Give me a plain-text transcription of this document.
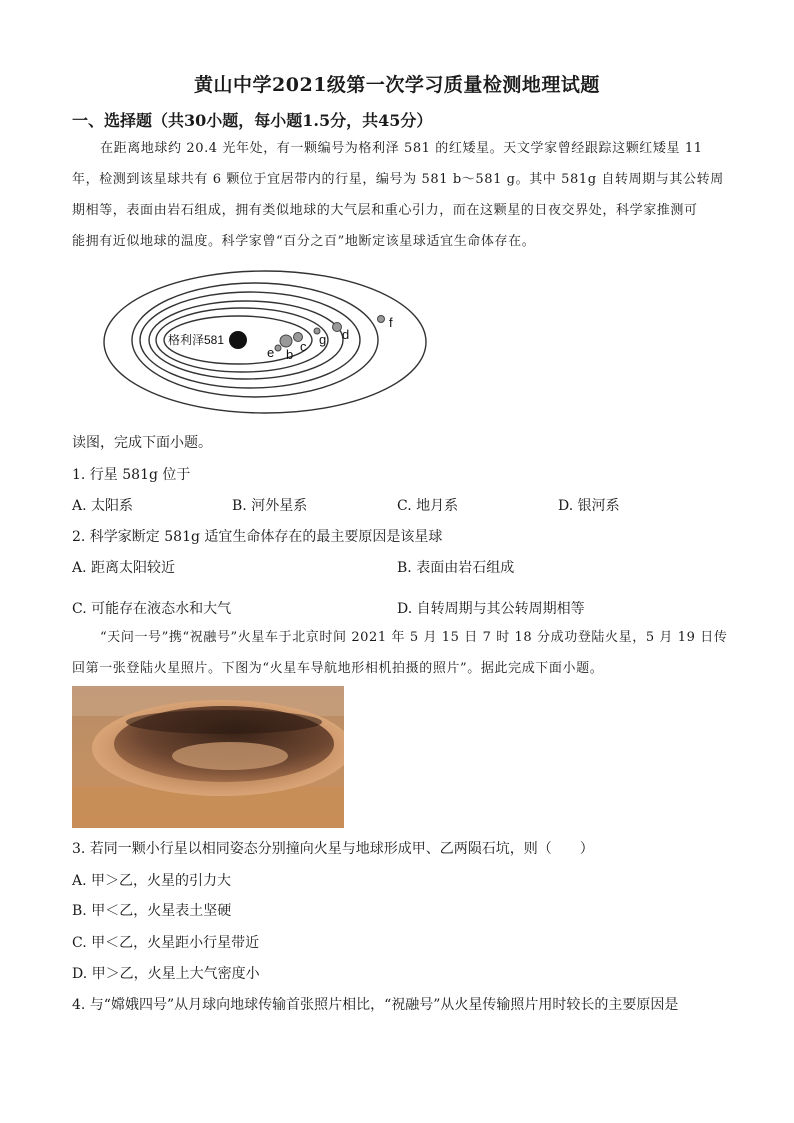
黄山中学2021级第一次学习质量检测地理试题
一、选择题（共30小题，每小题1.5分，共45分）
在距离地球约 20.4 光年处，有一颗编号为格利泽 581 的红矮星。天文学家曾经跟踪这颗红矮星 11
年，检测到该星球共有 6 颗位于宜居带内的行星，编号为 581 b～581 g。其中 581g 自转周期与其公转周
期相等，表面由岩石组成，拥有类似地球的大气层和重心引力，而在这颗星的日夜交界处，科学家推测可
能拥有近似地球的温度。科学家曾“百分之百”地断定该星球适宜生命体存在。
格利泽581
e b
c g d
f
读图，完成下面小题。
1. 行星 581g 位于
A. 太阳系	B. 河外星系	C. 地月系	D. 银河系
2. 科学家断定 581g 适宜生命体存在的最主要原因是该星球
A. 距离太阳较近	B. 表面由岩石组成
C. 可能存在液态水和大气	D. 自转周期与其公转周期相等
“天问一号”携“祝融号”火星车于北京时间 2021 年 5 月 15 日 7 时 18 分成功登陆火星，5 月 19 日传
回第一张登陆火星照片。下图为“火星车导航地形相机拍摄的照片”。据此完成下面小题。
3. 若同一颗小行星以相同姿态分别撞向火星与地球形成甲、乙两陨石坑，则（　　）
A. 甲＞乙，火星的引力大
B. 甲＜乙，火星表土坚硬
C. 甲＜乙，火星距小行星带近
D. 甲＞乙，火星上大气密度小
4. 与“嫦娥四号”从月球向地球传输首张照片相比，“祝融号”从火星传输照片用时较长的主要原因是
